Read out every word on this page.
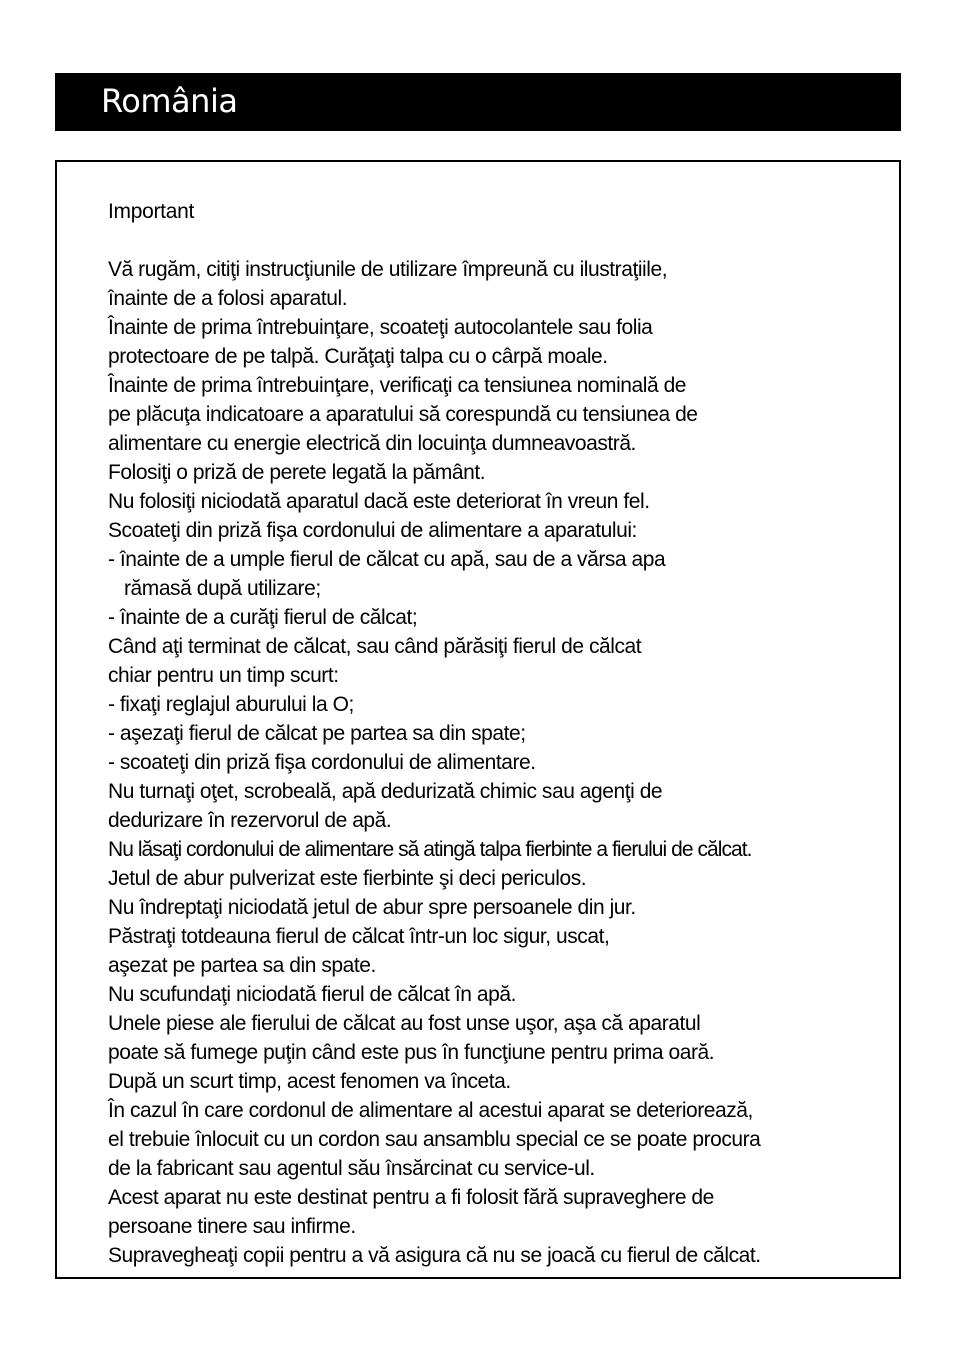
România
Important
Vă rugăm, citiţi instrucţiunile de utilizare împreună cu ilustraţiile,
înainte de a folosi aparatul.
Înainte de prima întrebuinţare, scoateţi autocolantele sau folia
protectoare de pe talpă. Curăţaţi talpa cu o cârpă moale.
Înainte de prima întrebuinţare, verificaţi ca tensiunea nominală de
pe plăcuţa indicatoare a aparatului să corespundă cu tensiunea de
alimentare cu energie electrică din locuinţa dumneavoastră.
Folosiţi o priză de perete legată la pământ.
Nu folosiţi niciodată aparatul dacă este deteriorat în vreun fel.
Scoateţi din priză fişa cordonului de alimentare a aparatului:
- înainte de a umple fierul de călcat cu apă, sau de a vărsa apa
rămasă după utilizare;
- înainte de a curăţi fierul de călcat;
Când aţi terminat de călcat, sau când părăsiţi fierul de călcat
chiar pentru un timp scurt:
- fixaţi reglajul aburului la O;
- aşezaţi fierul de călcat pe partea sa din spate;
- scoateţi din priză fişa cordonului de alimentare.
Nu turnaţi oţet, scrobeală, apă dedurizată chimic sau agenţi de
dedurizare în rezervorul de apă.
Nu lăsaţi cordonului de alimentare să atingă talpa fierbinte a fierului de călcat.
Jetul de abur pulverizat este fierbinte şi deci periculos.
Nu îndreptaţi niciodată jetul de abur spre persoanele din jur.
Păstraţi totdeauna fierul de călcat într-un loc sigur, uscat,
aşezat pe partea sa din spate.
Nu scufundaţi niciodată fierul de călcat în apă.
Unele piese ale fierului de călcat au fost unse uşor, aşa că aparatul
poate să fumege puţin când este pus în funcţiune pentru prima oară.
După un scurt timp, acest fenomen va înceta.
În cazul în care cordonul de alimentare al acestui aparat se deteriorează,
el trebuie înlocuit cu un cordon sau ansamblu special ce se poate procura
de la fabricant sau agentul său însărcinat cu service-ul.
Acest aparat nu este destinat pentru a fi folosit fără supraveghere de
persoane tinere sau infirme.
Supravegheaţi copii pentru a vă asigura că nu se joacă cu fierul de călcat.
